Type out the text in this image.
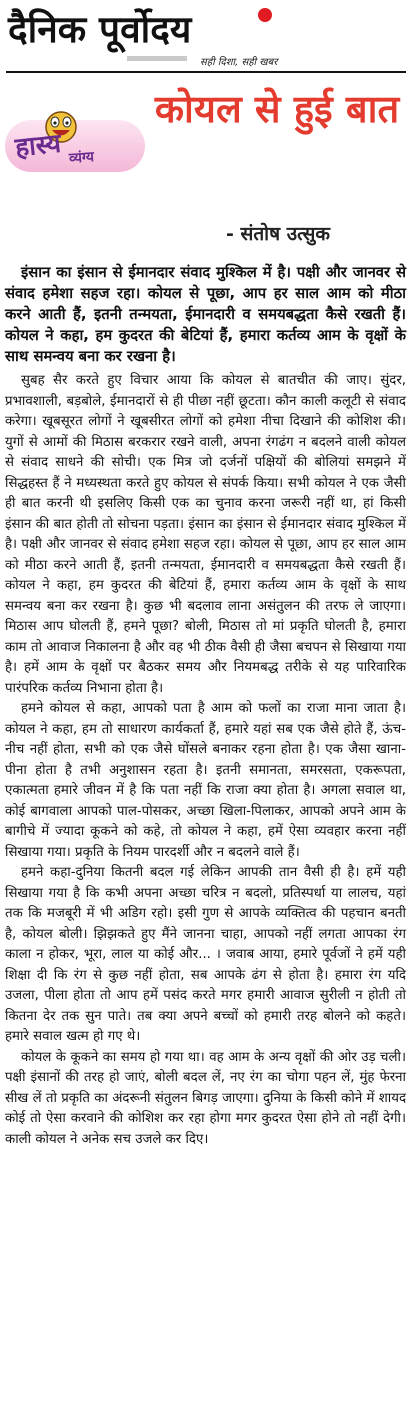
दैनिक पूर्वोदय
सही दिशा, सही खबर
हास्य व्यंग्य
कोयल से हुई बात
- संतोष उत्सुक

इंसान का इंसान से ईमानदार संवाद मुश्किल में है। पक्षी और जानवर से संवाद हमेशा सहज रहा। कोयल से पूछा, आप हर साल आम को मीठा करने आती हैं, इतनी तन्मयता, ईमानदारी व समयबद्धता कैसे रखती हैं। कोयल ने कहा, हम कुदरत की बेटियां हैं, हमारा कर्तव्य आम के वृक्षों के साथ समन्वय बना कर रखना है।

सुबह सैर करते हुए विचार आया कि कोयल से बातचीत की जाए। सुंदर, प्रभावशाली, बड़बोले, ईमानदारों से ही पीछा नहीं छूटता। कौन काली कलूटी से संवाद करेगा। खूबसूरत लोगों ने खूबसीरत लोगों को हमेशा नीचा दिखाने की कोशिश की। युगों से आमों की मिठास बरकरार रखने वाली, अपना रंगढंग न बदलने वाली कोयल से संवाद साधने की सोची। एक मित्र जो दर्जनों पक्षियों की बोलियां समझने में सिद्धहस्त हैं ने मध्यस्थता करते हुए कोयल से संपर्क किया। सभी कोयल ने एक जैसी ही बात करनी थी इसलिए किसी एक का चुनाव करना जरूरी नहीं था, हां किसी इंसान की बात होती तो सोचना पड़ता। इंसान का इंसान से ईमानदार संवाद मुश्किल में है। पक्षी और जानवर से संवाद हमेशा सहज रहा। कोयल से पूछा, आप हर साल आम को मीठा करने आती हैं, इतनी तन्मयता, ईमानदारी व समयबद्धता कैसे रखती हैं। कोयल ने कहा, हम कुदरत की बेटियां हैं, हमारा कर्तव्य आम के वृक्षों के साथ समन्वय बना कर रखना है। कुछ भी बदलाव लाना असंतुलन की तरफ ले जाएगा। मिठास आप घोलती हैं, हमने पूछा? बोली, मिठास तो मां प्रकृति घोलती है, हमारा काम तो आवाज निकालना है और वह भी ठीक वैसी ही जैसा बचपन से सिखाया गया है। हमें आम के वृक्षों पर बैठकर समय और नियमबद्ध तरीके से यह पारिवारिक पारंपरिक कर्तव्य निभाना होता है।

हमने कोयल से कहा, आपको पता है आम को फलों का राजा माना जाता है। कोयल ने कहा, हम तो साधारण कार्यकर्ता हैं, हमारे यहां सब एक जैसे होते हैं, ऊंच-नीच नहीं होता, सभी को एक जैसे घोंसले बनाकर रहना होता है। एक जैसा खाना-पीना होता है तभी अनुशासन रहता है। इतनी समानता, समरसता, एकरूपता, एकात्मता हमारे जीवन में है कि पता नहीं कि राजा क्या होता है। अगला सवाल था, कोई बागवाला आपको पाल-पोसकर, अच्छा खिला-पिलाकर, आपको अपने आम के बागीचे में ज्यादा कूकने को कहे, तो कोयल ने कहा, हमें ऐसा व्यवहार करना नहीं सिखाया गया। प्रकृति के नियम पारदर्शी और न बदलने वाले हैं।

हमने कहा-दुनिया कितनी बदल गई लेकिन आपकी तान वैसी ही है। हमें यही सिखाया गया है कि कभी अपना अच्छा चरित्र न बदलो, प्रतिस्पर्धा या लालच, यहां तक कि मजबूरी में भी अडिग रहो। इसी गुण से आपके व्यक्तित्व की पहचान बनती है, कोयल बोली। झिझकते हुए मैंने जानना चाहा, आपको नहीं लगता आपका रंग काला न होकर, भूरा, लाल या कोई और... । जवाब आया, हमारे पूर्वजों ने हमें यही शिक्षा दी कि रंग से कुछ नहीं होता, सब आपके ढंग से होता है। हमारा रंग यदि उजला, पीला होता तो आप हमें पसंद करते मगर हमारी आवाज सुरीली न होती तो कितना देर तक सुन पाते। तब क्या अपने बच्चों को हमारी तरह बोलने को कहते। हमारे सवाल खत्म हो गए थे।

कोयल के कूकने का समय हो गया था। वह आम के अन्य वृक्षों की ओर उड़ चली। पक्षी इंसानों की तरह हो जाएं, बोली बदल लें, नए रंग का चोगा पहन लें, मुंह फेरना सीख लें तो प्रकृति का अंदरूनी संतुलन बिगड़ जाएगा। दुनिया के किसी कोने में शायद कोई तो ऐसा करवाने की कोशिश कर रहा होगा मगर कुदरत ऐसा होने तो नहीं देगी। काली कोयल ने अनेक सच उजले कर दिए।
